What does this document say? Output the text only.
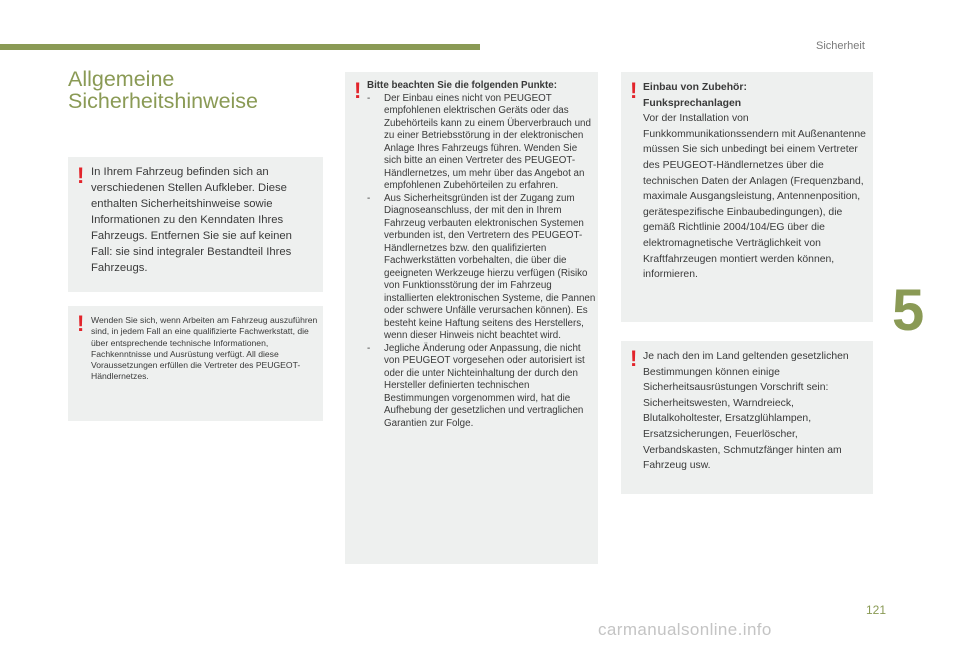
Sicherheit
Allgemeine
Sicherheitshinweise
! In Ihrem Fahrzeug befinden sich an verschiedenen Stellen Aufkleber. Diese enthalten Sicherheitshinweise sowie Informationen zu den Kenndaten Ihres Fahrzeugs. Entfernen Sie sie auf keinen Fall: sie sind integraler Bestandteil Ihres Fahrzeugs.
! Wenden Sie sich, wenn Arbeiten am Fahrzeug auszuführen sind, in jedem Fall an eine qualifizierte Fachwerkstatt, die über entsprechende technische Informationen, Fachkenntnisse und Ausrüstung verfügt. All diese Voraussetzungen erfüllen die Vertreter des PEUGEOT-Händlernetzes.
! Bitte beachten Sie die folgenden Punkte:
- Der Einbau eines nicht von PEUGEOT empfohlenen elektrischen Geräts oder das Zubehörteils kann zu einem Überverbrauch und zu einer Betriebsstörung in der elektronischen Anlage Ihres Fahrzeugs führen. Wenden Sie sich bitte an einen Vertreter des PEUGEOT-Händlernetzes, um mehr über das Angebot an empfohlenen Zubehörteilen zu erfahren.
- Aus Sicherheitsgründen ist der Zugang zum Diagnoseanschluss, der mit den in Ihrem Fahrzeug verbauten elektronischen Systemen verbunden ist, den Vertretern des PEUGEOT-Händlernetzes bzw. den qualifizierten Fachwerkstätten vorbehalten, die über die geeigneten Werkzeuge hierzu verfügen (Risiko von Funktionsstörung der im Fahrzeug installierten elektronischen Systeme, die Pannen oder schwere Unfälle verursachen können). Es besteht keine Haftung seitens des Herstellers, wenn dieser Hinweis nicht beachtet wird.
- Jegliche Änderung oder Anpassung, die nicht von PEUGEOT vorgesehen oder autorisiert ist oder die unter Nichteinhaltung der durch den Hersteller definierten technischen Bestimmungen vorgenommen wird, hat die Aufhebung der gesetzlichen und vertraglichen Garantien zur Folge.
! Einbau von Zubehör:
Funksprechanlagen
Vor der Installation von Funkkommunikationssendern mit Außenantenne müssen Sie sich unbedingt bei einem Vertreter des PEUGEOT-Händlernetzes über die technischen Daten der Anlagen (Frequenzband, maximale Ausgangsleistung, Antennenposition, gerätespezifische Einbaubedingungen), die gemäß Richtlinie 2004/104/EG über die elektromagnetische Verträglichkeit von Kraftfahrzeugen montiert werden können, informieren.
! Je nach den im Land geltenden gesetzlichen Bestimmungen können einige Sicherheitsausrüstungen Vorschrift sein: Sicherheitswesten, Warndreieck, Blutalkoholtester, Ersatzglühlampen, Ersatzsicherungen, Feuerlöscher, Verbandskasten, Schmutzfänger hinten am Fahrzeug usw.
5
121
carmanualsonline.info
